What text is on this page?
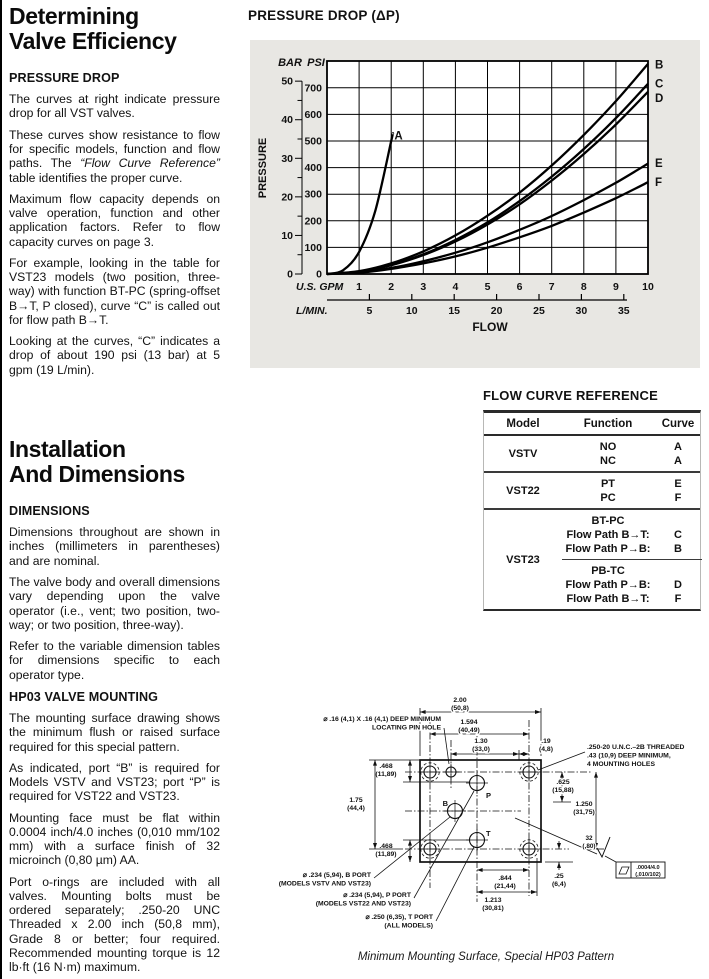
Determining
Valve Efficiency
PRESSURE DROP

The curves at right indicate pressure drop for all VST valves.

These curves show resistance to flow for specific models, function and flow paths. The “Flow Curve Reference” table identifies the proper curve.

Maximum flow capacity depends on valve operation, function and other application factors. Refer to flow capacity curves on page 3.

For example, looking in the table for VST23 models (two position, three-way) with function BT-PC (spring-offset B→T, P closed), curve “C” is called out for flow path B→T.

Looking at the curves, “C” indicates a drop of about 190 psi (13 bar) at 5 gpm (19 L/min).

Installation
And Dimensions
DIMENSIONS

Dimensions throughout are shown in inches (millimeters in parentheses) and are nominal.

The valve body and overall dimensions vary depending upon the valve operator (i.e., vent; two position, two-way; or two position, three-way).

Refer to the variable dimension tables for dimensions specific to each operator type.

HP03 VALVE MOUNTING

The mounting surface drawing shows the minimum flush or raised surface required for this special pattern.

As indicated, port “B” is required for Models VSTV and VST23; port “P” is required for VST22 and VST23.

Mounting face must be flat within 0.0004 inch/4.0 inches (0,010 mm/102 mm) with a surface finish of 32 microinch (0,80 µm) AA.

Port o-rings are included with all valves. Mounting bolts must be ordered separately; .250-20 UNC Threaded x 2.00 inch (50,8 mm), Grade 8 or better; four required. Recommended mounting torque is 12 lb·ft (16 N·m) maximum.

PRESSURE DROP (ΔP)
A
B
C
D
E
F
0
10
20
30
40
50
0
100
200
300
400
500
600
700
BAR PSI
PRESSURE
1	2	3	4	5	6	7	8	9 10
U.S. GPM
5	10	15	20	25	30	35
L/MIN.
FLOW
FLOW CURVE REFERENCE
Model	Function	Curve
VSTV
NO	A
NC	A
VST22
PT	E
PC	F
VST23
BT-PC
Flow Path B→T:	C
Flow Path P→B:	B
PB-TC
Flow Path P→B:	D
Flow Path B→T:	F
B
P
T
2.00
(50,8)
1.594
(40,49)
1.30
(33,0)
.19
(4,8)
.468
(11,89)
.468
(11,89)
1.75
(44,4)
.625
(15,88)
1.250
(31,75)
.25
(6,4)
.844
(21,44)
1.213
(30,81)
⌀ .16 (4,1) X .16 (4,1) DEEP MINIMUM
LOCATING PIN HOLE
.250-20 U.N.C.–2B THREADED
.43 (10,9) DEEP MINIMUM,
4 MOUNTING HOLES
⌀ .234 (5,94), B PORT
(MODELS VSTV AND VST23)
⌀ .234 (5,94), P PORT
(MODELS VST22 AND VST23)
⌀ .250 (6,35), T PORT
(ALL MODELS)
32
(,80)
.0004/4.0
(,010/102)
Minimum Mounting Surface, Special HP03 Pattern
